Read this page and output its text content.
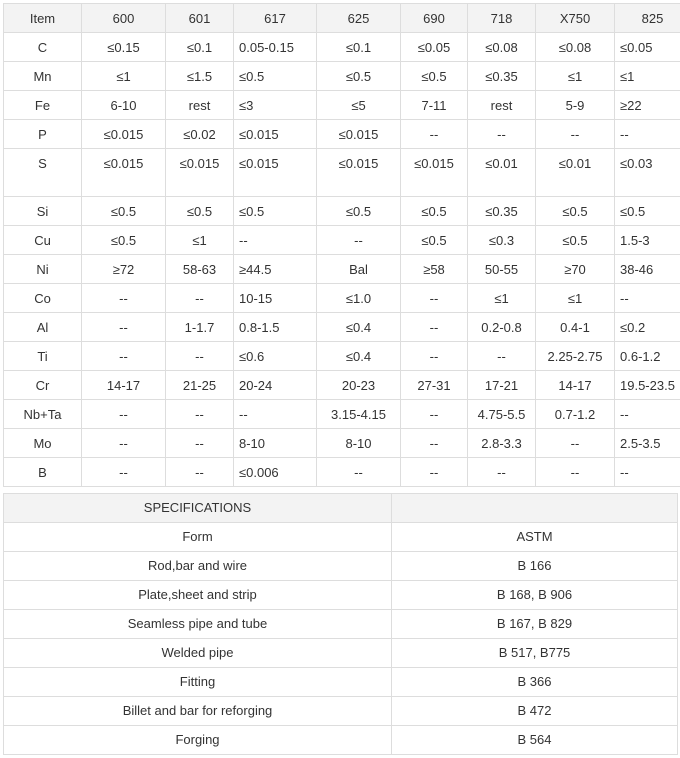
Item	600	601	617	625	690	718	X750	825
C	≤0.15	≤0.1	0.05-0.15	≤0.1	≤0.05	≤0.08	≤0.08	≤0.05
Mn	≤1	≤1.5	≤0.5	≤0.5	≤0.5	≤0.35	≤1	≤1
Fe	6-10	rest	≤3	≤5	7-11	rest	5-9	≥22
P	≤0.015	≤0.02	≤0.015	≤0.015	--	--	--	--
S	≤0.015	≤0.015	≤0.015	≤0.015	≤0.015	≤0.01	≤0.01	≤0.03
Si	≤0.5	≤0.5	≤0.5	≤0.5	≤0.5	≤0.35	≤0.5	≤0.5
Cu	≤0.5	≤1	--	--	≤0.5	≤0.3	≤0.5	1.5-3
Ni	≥72	58-63	≥44.5	Bal	≥58	50-55	≥70	38-46
Co	--	--	10-15	≤1.0	--	≤1	≤1	--
Al	--	1-1.7	0.8-1.5	≤0.4	--	0.2-0.8	0.4-1	≤0.2
Ti	--	--	≤0.6	≤0.4	--	--	2.25-2.75	0.6-1.2
Cr	14-17	21-25	20-24	20-23	27-31	17-21	14-17	19.5-23.5
Nb+Ta	--	--	--	3.15-4.15	--	4.75-5.5	0.7-1.2	--
Mo	--	--	8-10	8-10	--	2.8-3.3	--	2.5-3.5
B	--	--	≤0.006	--	--	--	--	--
SPECIFICATIONS	
Form	ASTM
Rod,bar and wire	B 166
Plate,sheet and strip	B 168, B 906
Seamless pipe and tube	B 167, B 829
Welded pipe	B 517, B775
Fitting	B 366
Billet and bar for reforging	B 472
Forging	B 564
